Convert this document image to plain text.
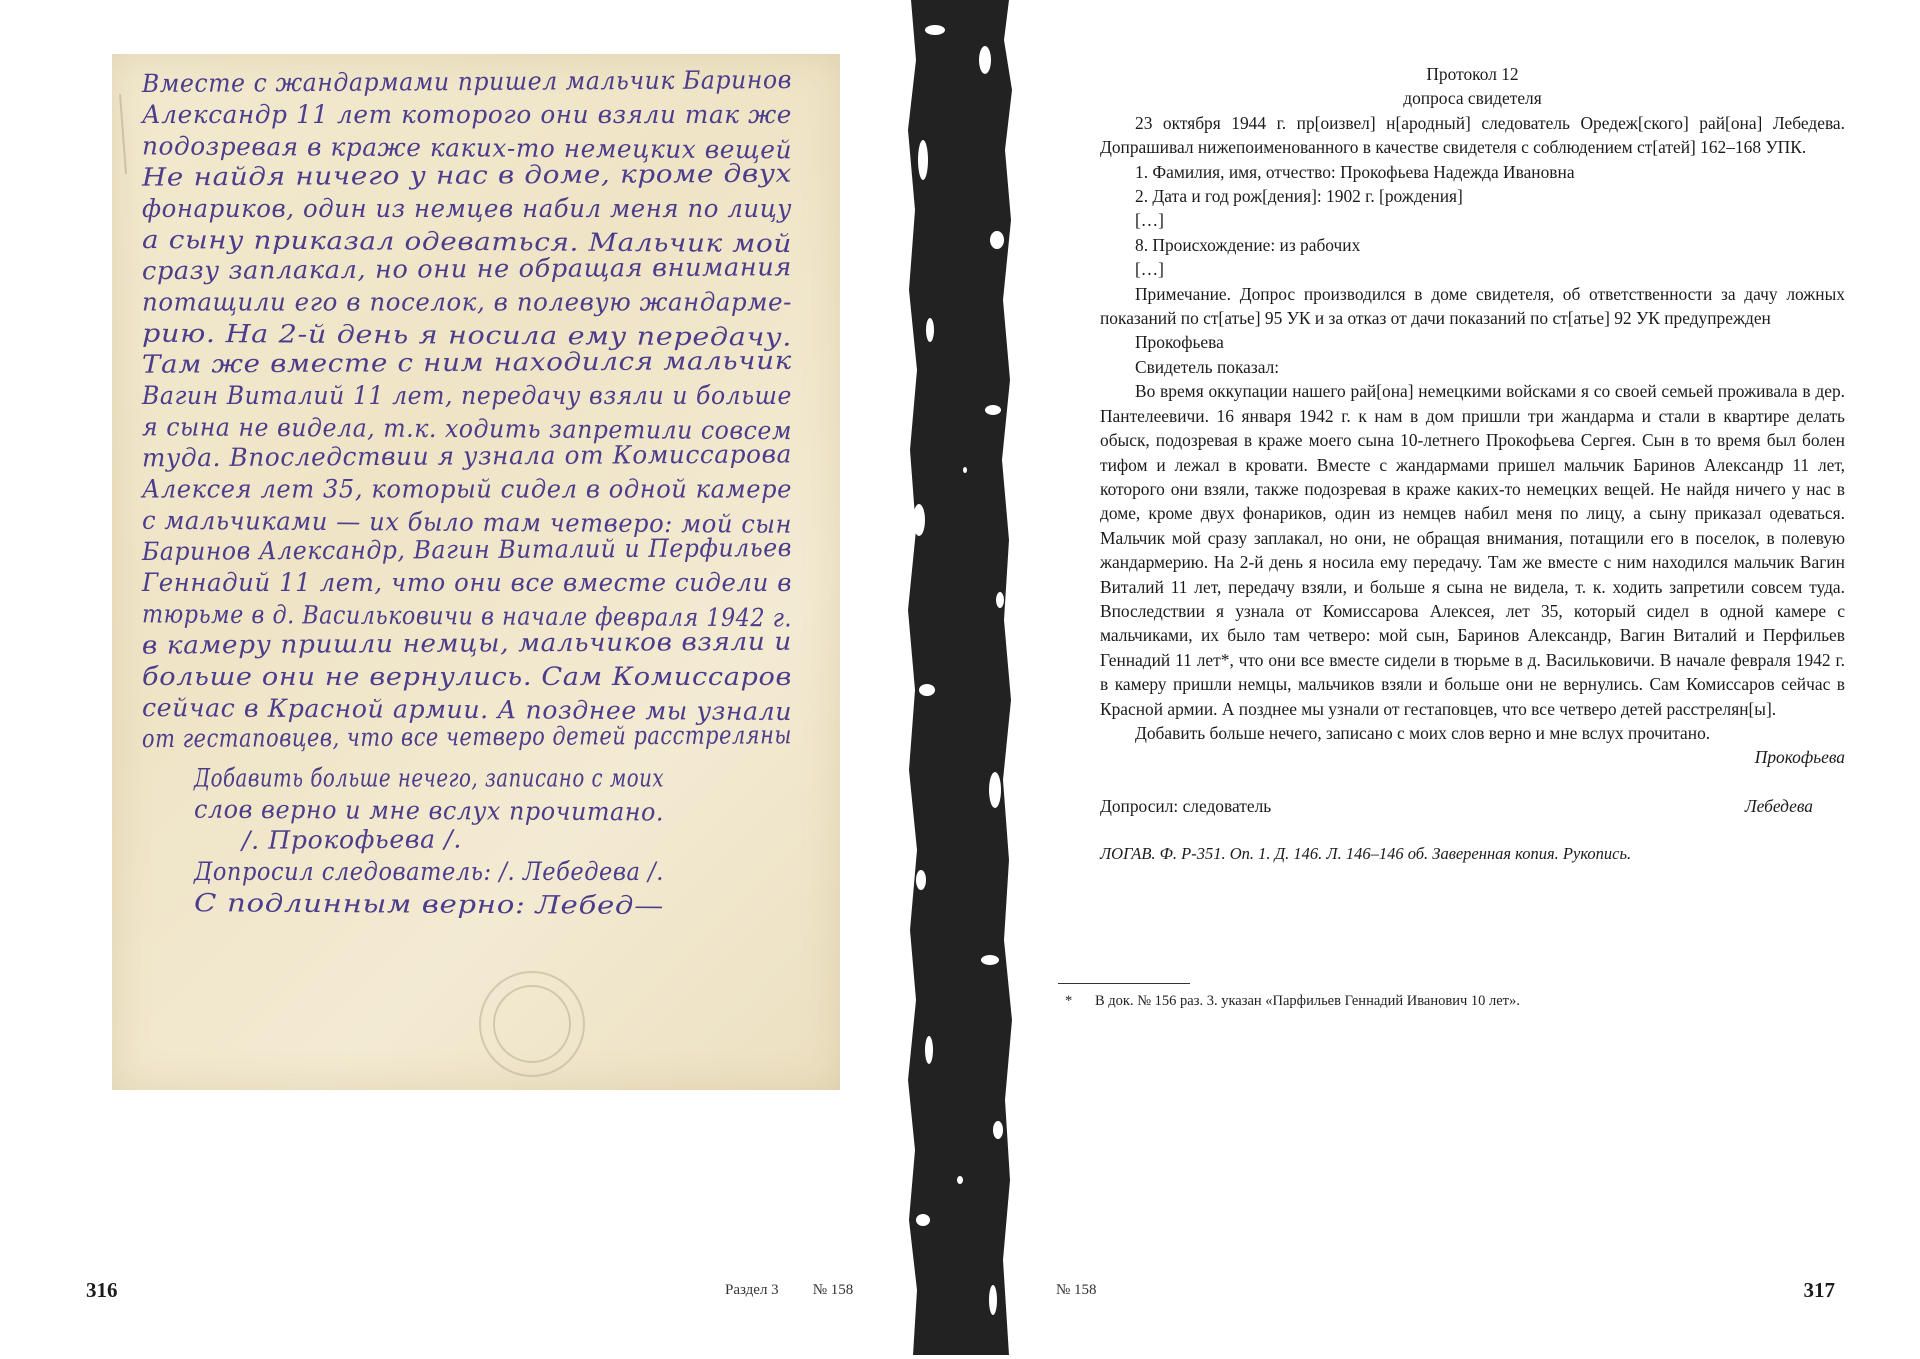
Вместе с жандармами пришел мальчик Баринов
Александр 11 лет которого они взяли так же
подозревая в краже каких-то немецких вещей
Не найдя ничего у нас в доме, кроме двух
фонариков, один из немцев набил меня по лицу
а сыну приказал одеваться. Мальчик мой
сразу заплакал, но они не обращая внимания
потащили его в поселок, в полевую жандарме-
рию. На 2-й день я носила ему передачу.
Там же вместе с ним находился мальчик
Вагин Виталий 11 лет, передачу взяли и больше
я сына не видела, т.к. ходить запретили совсем
туда. Впоследствии я узнала от Комиссарова
Алексея лет 35, который сидел в одной камере
с мальчиками — их было там четверо: мой сын
Баринов Александр, Вагин Виталий и Перфильев
Геннадий 11 лет, что они все вместе сидели в
тюрьме в д. Васильковичи в начале февраля 1942 г.
в камеру пришли немцы, мальчиков взяли и
больше они не вернулись. Сам Комиссаров
сейчас в Красной армии. А позднее мы узнали
от гестаповцев, что все четверо детей расстреляны
Добавить больше нечего, записано с моих
слов верно и мне вслух прочитано.
/. Прокофьева /.
Допросил следователь: /. Лебедева /.
С подлинным верно: Лебед—
316	Раздел 3 № 158
Протокол 12
допроса свидетеля

23 октября 1944 г. пр[оизвел] н[ародный] следователь Оредеж[ского] рай[она] Лебедева. Допрашивал нижепоименованного в качестве свидетеля с соблюдением ст[атей] 162–168 УПК.

1. Фамилия, имя, отчество: Прокофьева Надежда Ивановна

2. Дата и год рож[дения]: 1902 г. [рождения]

[…]

8. Происхождение: из рабочих

[…]

Примечание. Допрос производился в доме свидетеля, об ответственности за дачу ложных показаний по ст[атье] 95 УК и за отказ от дачи показаний по ст[атье] 92 УК предупрежден

Прокофьева

Свидетель показал:

Во время оккупации нашего рай[она] немецкими войсками я со своей семьей проживала в дер. Пантелеевичи. 16 января 1942 г. к нам в дом пришли три жандарма и стали в квартире делать обыск, подозревая в краже моего сына 10-летнего Прокофьева Сергея. Сын в то время был болен тифом и лежал в кровати. Вместе с жандармами пришел мальчик Баринов Александр 11 лет, которого они взяли, также подозревая в краже каких-то немецких вещей. Не найдя ничего у нас в доме, кроме двух фонариков, один из немцев набил меня по лицу, а сыну приказал одеваться. Мальчик мой сразу заплакал, но они, не обращая внимания, потащили его в поселок, в полевую жандармерию. На 2-й день я носила ему передачу. Там же вместе с ним находился мальчик Вагин Виталий 11 лет, передачу взяли, и больше я сына не видела, т. к. ходить запретили совсем туда. Впоследствии я узнала от Комиссарова Алексея, лет 35, который сидел в одной камере с мальчиками, их было там четверо: мой сын, Баринов Александр, Вагин Виталий и Перфильев Геннадий 11 лет*, что они все вместе сидели в тюрьме в д. Васильковичи. В начале февраля 1942 г. в камеру пришли немцы, мальчиков взяли и больше они не вернулись. Сам Комиссаров сейчас в Красной армии. А позднее мы узнали от гестаповцев, что все четверо детей расстрелян[ы].

Добавить больше нечего, записано с моих слов верно и мне вслух прочитано.

Прокофьева

Допросил: следователь	Лебедева
ЛОГАВ. Ф. Р-351. Оп. 1. Д. 146. Л. 146–146 об. Заверенная копия. Рукопись.
* В док. № 156 раз. 3. указан «Парфильев Геннадий Иванович 10 лет».
№ 158	317
